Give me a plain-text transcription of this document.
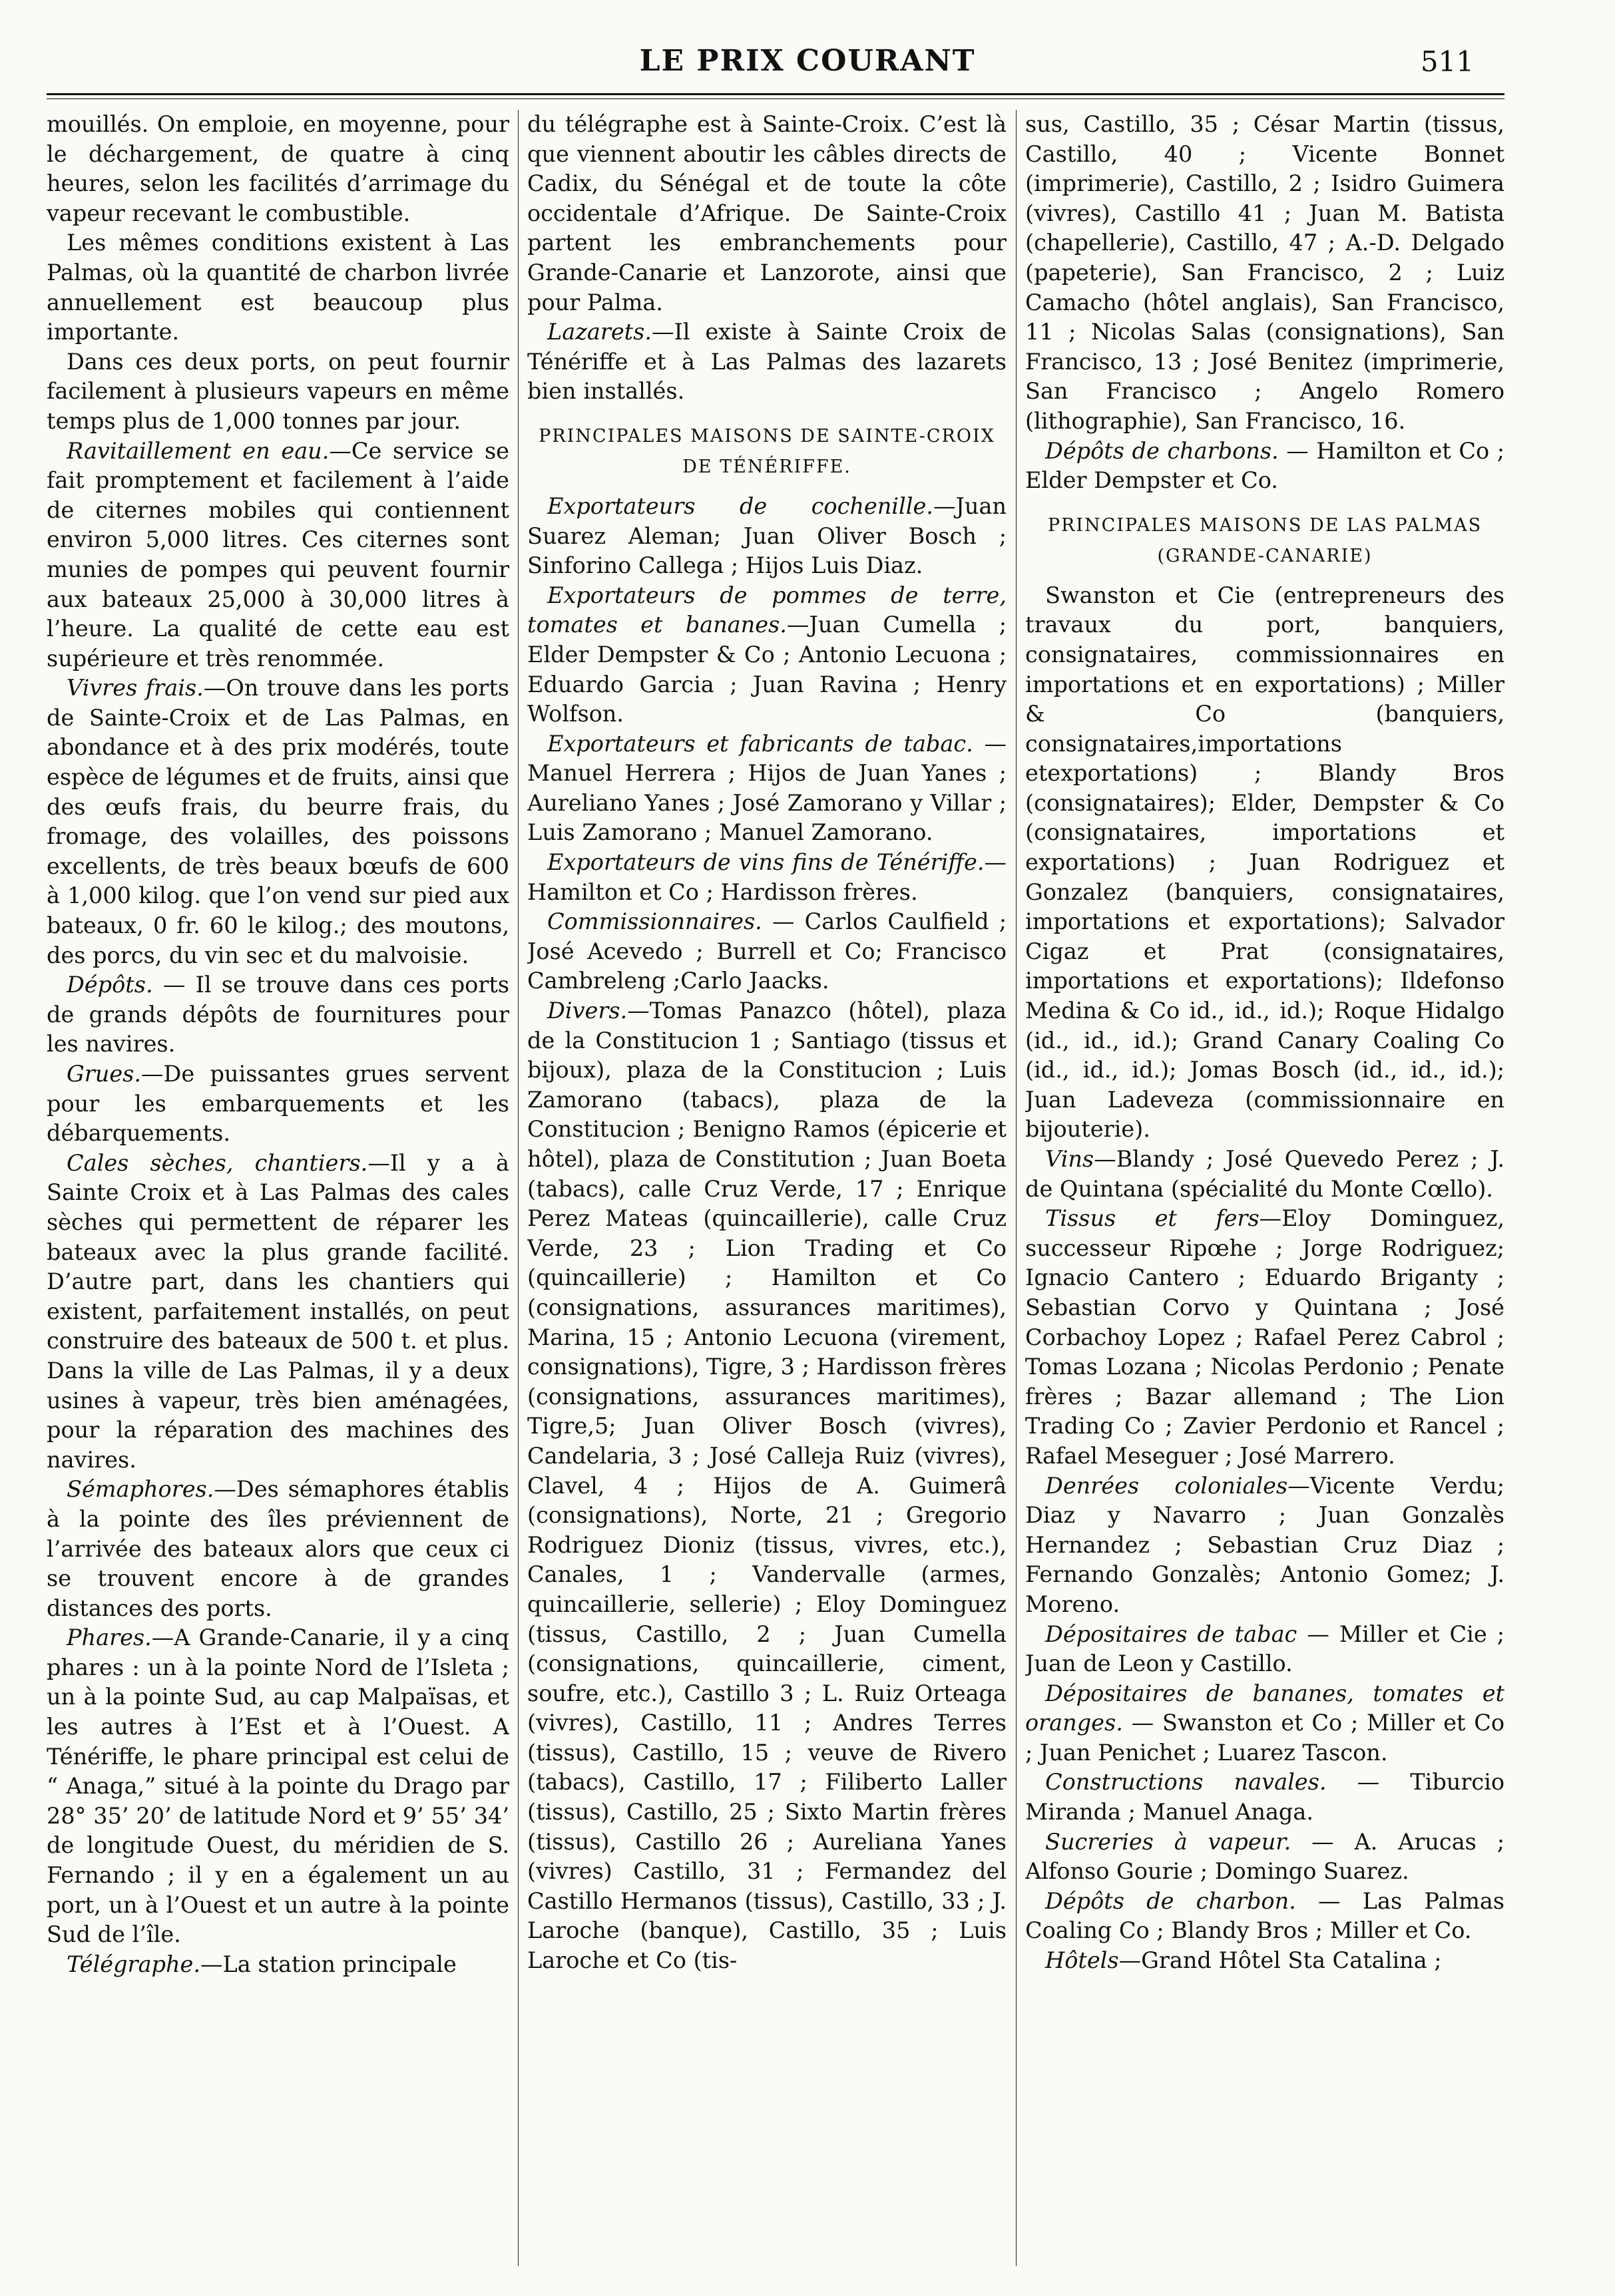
LE PRIX COURANT	511

mouillés. On emploie, en moyenne, pour le déchargement, de quatre à cinq heures, selon les facilités d’arrimage du vapeur recevant le combustible.

Les mêmes conditions existent à Las Palmas, où la quantité de charbon livrée annuellement est beaucoup plus importante.

Dans ces deux ports, on peut fournir facilement à plusieurs vapeurs en même temps plus de 1,000 tonnes par jour.

Ravitaillement en eau.—Ce service se fait promptement et facilement à l’aide de citernes mobiles qui contiennent environ 5,000 litres. Ces citernes sont munies de pompes qui peuvent fournir aux bateaux 25,000 à 30,000 litres à l’heure. La qualité de cette eau est supérieure et très renommée.

Vivres frais.—On trouve dans les ports de Sainte-Croix et de Las Palmas, en abondance et à des prix modérés, toute espèce de légumes et de fruits, ainsi que des œufs frais, du beurre frais, du fromage, des volailles, des poissons excellents, de très beaux bœufs de 600 à 1,000 kilog. que l’on vend sur pied aux bateaux, 0 fr. 60 le kilog.; des moutons, des porcs, du vin sec et du malvoisie.

Dépôts. — Il se trouve dans ces ports de grands dépôts de fournitures pour les navires.

Grues.—De puissantes grues servent pour les embarquements et les débarquements.

Cales sèches, chantiers.—Il y a à Sainte Croix et à Las Palmas des cales sèches qui permettent de réparer les bateaux avec la plus grande facilité. D’autre part, dans les chantiers qui existent, parfaitement installés, on peut construire des bateaux de 500 t. et plus. Dans la ville de Las Palmas, il y a deux usines à vapeur, très bien aménagées, pour la réparation des machines des navires.

Sémaphores.—Des sémaphores établis à la pointe des îles préviennent de l’arrivée des bateaux alors que ceux ci se trouvent encore à de grandes distances des ports.

Phares.—A Grande-Canarie, il y a cinq phares : un à la pointe Nord de l’Isleta ; un à la pointe Sud, au cap Malpaïsas, et les autres à l’Est et à l’Ouest. A Ténériffe, le phare principal est celui de “ Anaga,” situé à la pointe du Drago par 28° 35’ 20’ de latitude Nord et 9’ 55’ 34’ de longitude Ouest, du méridien de S. Fernando ; il y en a également un au port, un à l’Ouest et un autre à la pointe Sud de l’île.

Télégraphe.—La station principale

du télégraphe est à Sainte-Croix. C’est là que viennent aboutir les câbles directs de Cadix, du Sénégal et de toute la côte occidentale d’Afrique. De Sainte-Croix partent les embranchements pour Grande-Canarie et Lanzorote, ainsi que pour Palma.

Lazarets.—Il existe à Sainte Croix de Ténériffe et à Las Palmas des lazarets bien installés.

PRINCIPALES MAISONS DE SAINTE-CROIX DE TÉNÉRIFFE.

Exportateurs de cochenille.—Juan Suarez Aleman; Juan Oliver Bosch ; Sinforino Callega ; Hijos Luis Diaz.

Exportateurs de pommes de terre, tomates et bananes.—Juan Cumella ; Elder Dempster & Co ; Antonio Lecuona ; Eduardo Garcia ; Juan Ravina ; Henry Wolfson.

Exportateurs et fabricants de tabac. —Manuel Herrera ; Hijos de Juan Yanes ; Aureliano Yanes ; José Zamorano y Villar ; Luis Zamorano ; Manuel Zamorano.

Exportateurs de vins fins de Ténériffe.—Hamilton et Co ; Hardisson frères.

Commissionnaires. — Carlos Caulfield ; José Acevedo ; Burrell et Co; Francisco Cambreleng ;Carlo Jaacks.

Divers.—Tomas Panazco (hôtel), plaza de la Constitucion 1 ; Santiago (tissus et bijoux), plaza de la Constitucion ; Luis Zamorano (tabacs), plaza de la Constitucion ; Benigno Ramos (épicerie et hôtel), plaza de Constitution ; Juan Boeta (tabacs), calle Cruz Verde, 17 ; Enrique Perez Mateas (quincaillerie), calle Cruz Verde, 23 ; Lion Trading et Co (quincaillerie) ; Hamilton et Co (consignations, assurances maritimes), Marina, 15 ; Antonio Lecuona (virement, consignations), Tigre, 3 ; Hardisson frères (consignations, assurances maritimes), Tigre,5; Juan Oliver Bosch (vivres), Candelaria, 3 ; José Calleja Ruiz (vivres), Clavel, 4 ; Hijos de A. Guimerâ (consignations), Norte, 21 ; Gregorio Rodriguez Dioniz (tissus, vivres, etc.), Canales, 1 ; Vandervalle (armes, quincaillerie, sellerie) ; Eloy Dominguez (tissus, Castillo, 2 ; Juan Cumella (consignations, quincaillerie, ciment, soufre, etc.), Castillo 3 ; L. Ruiz Orteaga (vivres), Castillo, 11 ; Andres Terres (tissus), Castillo, 15 ; veuve de Rivero (tabacs), Castillo, 17 ; Filiberto Laller (tissus), Castillo, 25 ; Sixto Martin frères (tissus), Castillo 26 ; Aureliana Yanes (vivres) Castillo, 31 ; Fermandez del Castillo Hermanos (tissus), Castillo, 33 ; J. Laroche (banque), Castillo, 35 ; Luis Laroche et Co (tis-

sus, Castillo, 35 ; César Martin (tissus, Castillo, 40 ; Vicente Bonnet (imprimerie), Castillo, 2 ; Isidro Guimera (vivres), Castillo 41 ; Juan M. Batista (chapellerie), Castillo, 47 ; A.-D. Delgado (papeterie), San Francisco, 2 ; Luiz Camacho (hôtel anglais), San Francisco, 11 ; Nicolas Salas (consignations), San Francisco, 13 ; José Benitez (imprimerie, San Francisco ; Angelo Romero (lithographie), San Francisco, 16.

Dépôts de charbons. — Hamilton et Co ; Elder Dempster et Co.

PRINCIPALES MAISONS DE LAS PALMAS (GRANDE-CANARIE)

Swanston et Cie (entrepreneurs des travaux du port, banquiers, consignataires, commissionnaires en importations et en exportations) ; Miller & Co (banquiers, consignataires,importations etexportations) ; Blandy Bros (consignataires); Elder, Dempster & Co (consignataires, importations et exportations) ; Juan Rodriguez et Gonzalez (banquiers, consignataires, importations et exportations); Salvador Cigaz et Prat (consignataires, importations et exportations); Ildefonso Medina & Co id., id., id.); Roque Hidalgo (id., id., id.); Grand Canary Coaling Co (id., id., id.); Jomas Bosch (id., id., id.); Juan Ladeveza (commissionnaire en bijouterie).

Vins—Blandy ; José Quevedo Perez ; J. de Quintana (spécialité du Monte Cœllo).

Tissus et fers—Eloy Dominguez, successeur Ripœhe ; Jorge Rodriguez; Ignacio Cantero ; Eduardo Briganty ; Sebastian Corvo y Quintana ; José Corbachoy Lopez ; Rafael Perez Cabrol ; Tomas Lozana ; Nicolas Perdonio ; Penate frères ; Bazar allemand ; The Lion Trading Co ; Zavier Perdonio et Rancel ; Rafael Meseguer ; José Marrero.

Denrées coloniales—Vicente Verdu; Diaz y Navarro ; Juan Gonzalès Hernandez ; Sebastian Cruz Diaz ; Fernando Gonzalès; Antonio Gomez; J. Moreno.

Dépositaires de tabac — Miller et Cie ; Juan de Leon y Castillo.

Dépositaires de bananes, tomates et oranges. — Swanston et Co ; Miller et Co ; Juan Penichet ; Luarez Tascon.

Constructions navales. — Tiburcio Miranda ; Manuel Anaga.

Sucreries à vapeur. — A. Arucas ; Alfonso Gourie ; Domingo Suarez.

Dépôts de charbon. — Las Palmas Coaling Co ; Blandy Bros ; Miller et Co.

Hôtels—Grand Hôtel Sta Catalina ;
